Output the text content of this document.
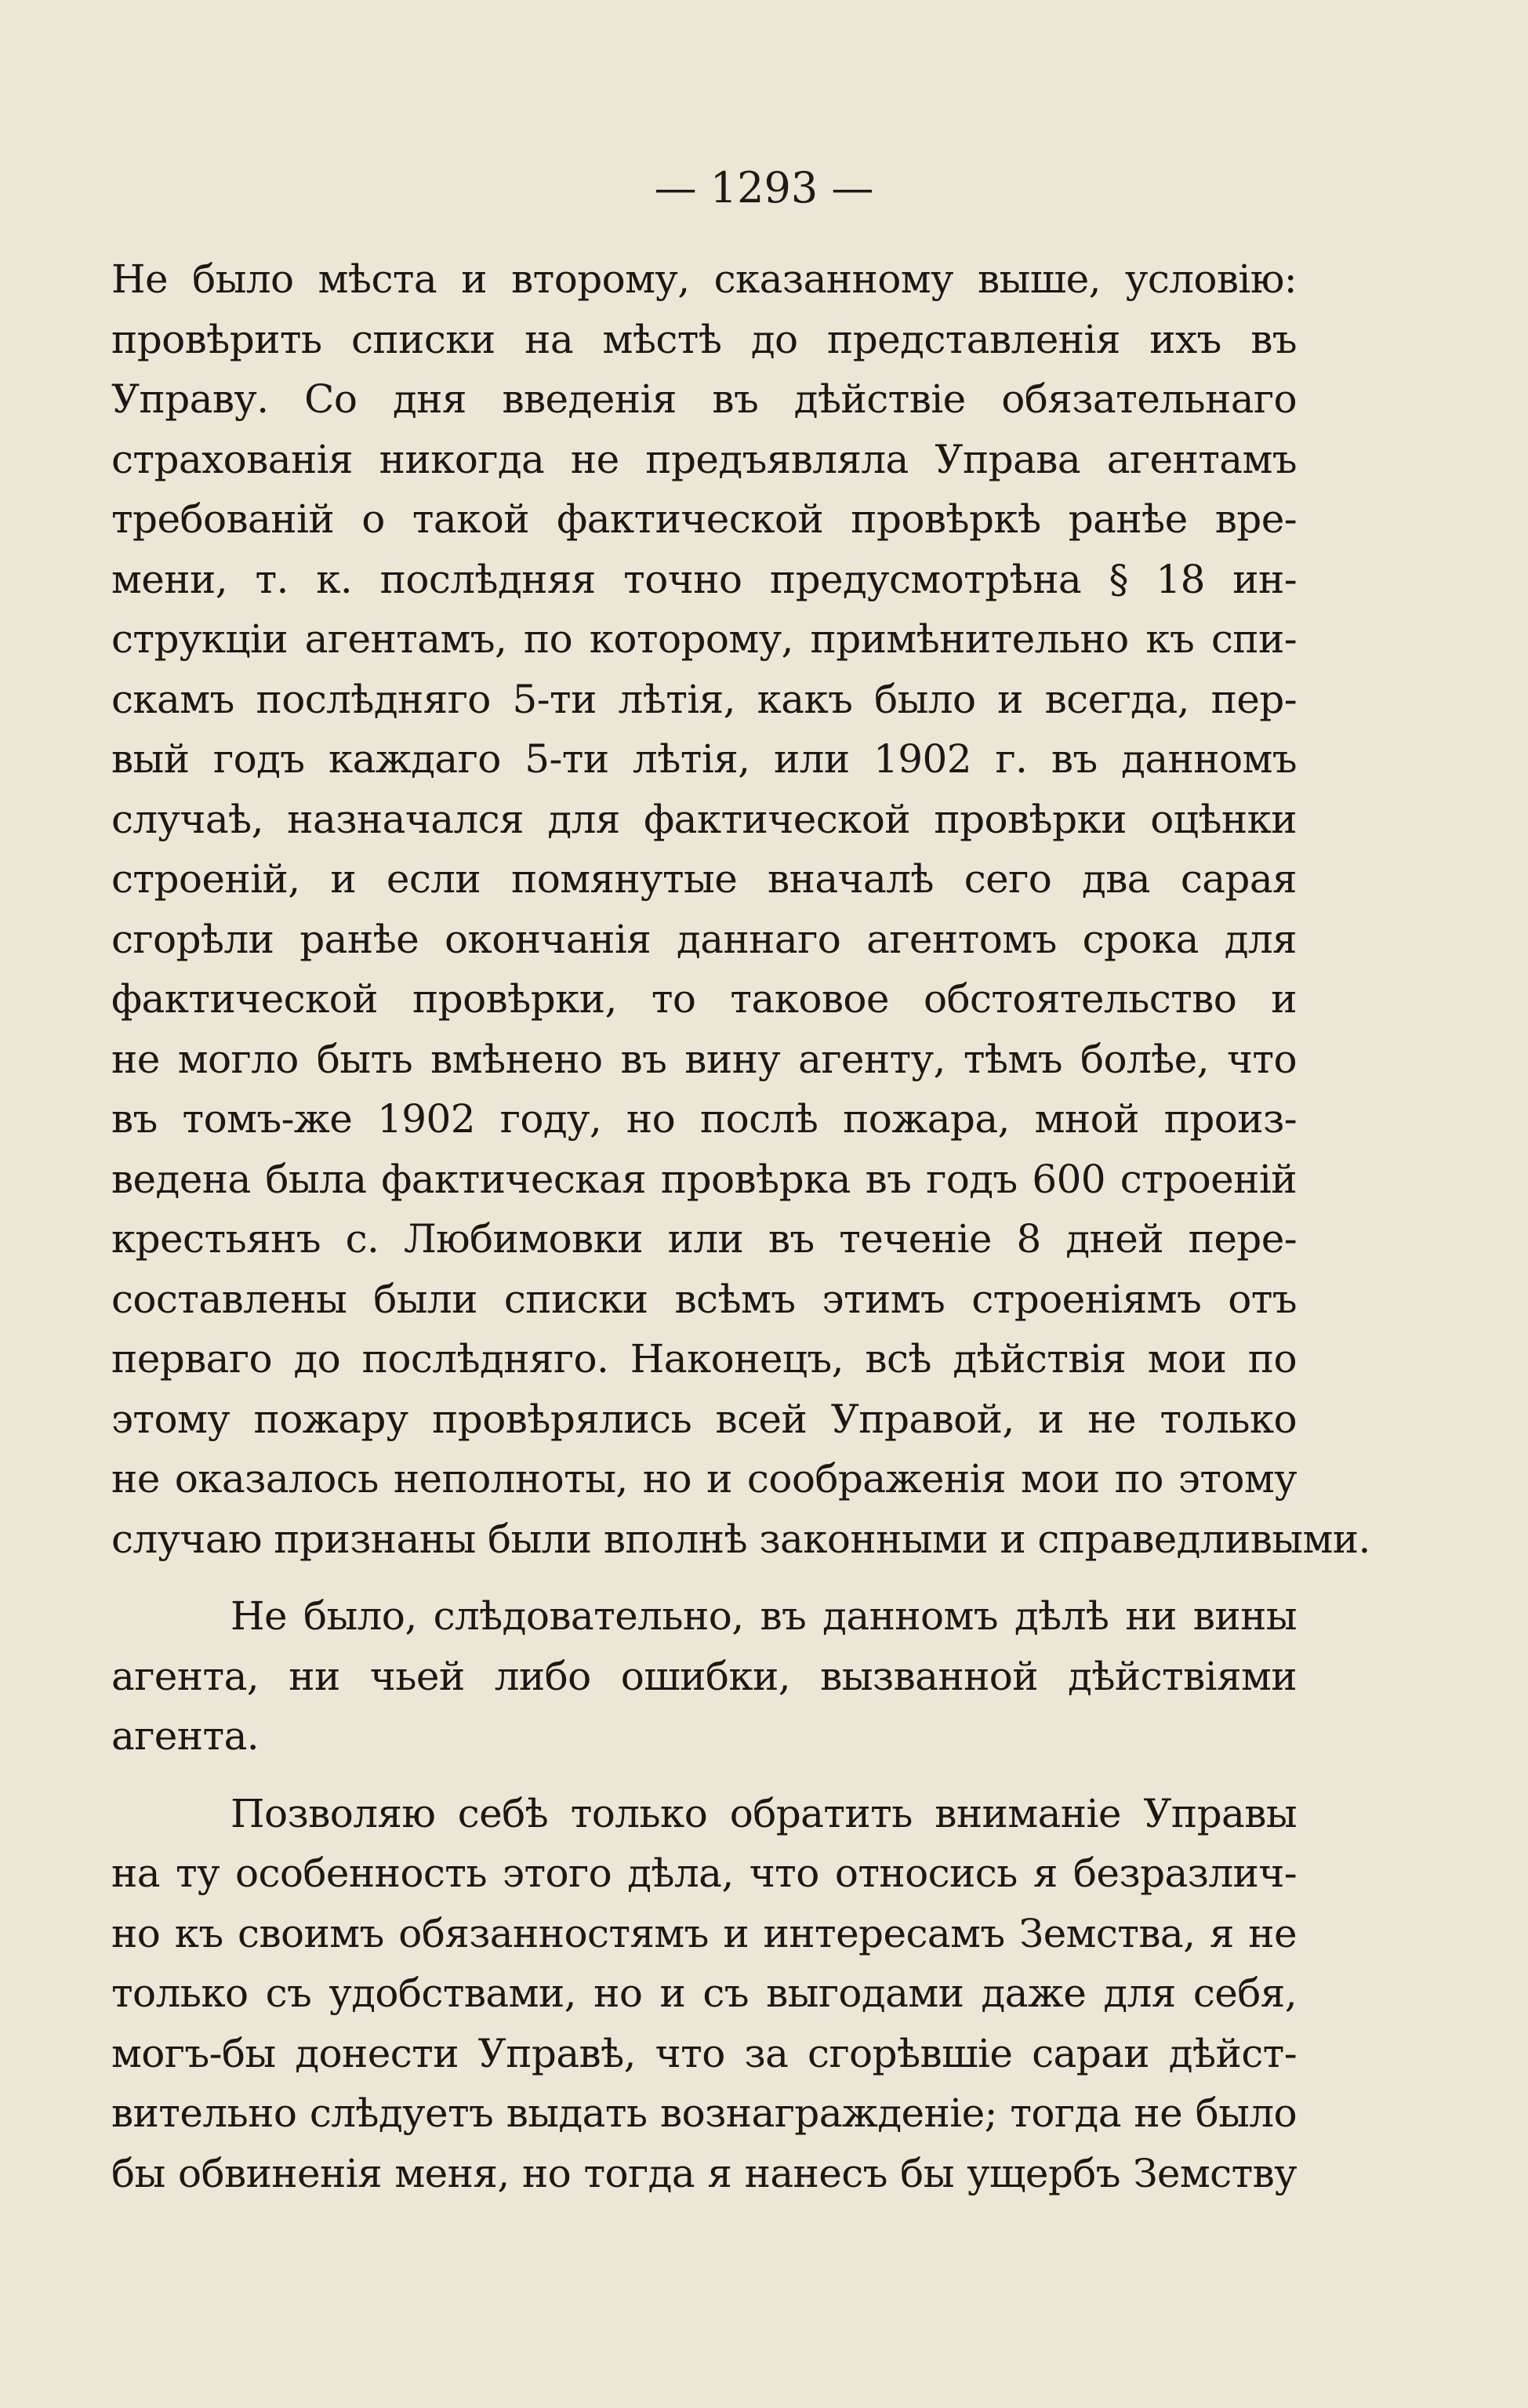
— 1293 —
Не было мѣста и второму, сказанному выше, условію:
провѣрить списки на мѣстѣ до представленія ихъ въ
Управу. Со дня введенія въ дѣйствіе обязательнаго
страхованія никогда не предъявляла Управа агентамъ
требованій о такой фактической провѣркѣ ранѣе вре-
мени, т. к. послѣдняя точно предусмотрѣна § 18 ин-
струкціи агентамъ, по которому, примѣнительно къ спи-
скамъ послѣдняго 5-ти лѣтія, какъ было и всегда, пер-
вый годъ каждаго 5-ти лѣтія, или 1902 г. въ данномъ
случаѣ, назначался для фактической провѣрки оцѣнки
строеній, и если помянутые вначалѣ сего два сарая
сгорѣли ранѣе окончанія даннаго агентомъ срока для
фактической провѣрки, то таковое обстоятельство и
не могло быть вмѣнено въ вину агенту, тѣмъ болѣе, что
въ томъ-же 1902 году, но послѣ пожара, мной произ-
ведена была фактическая провѣрка въ годъ 600 строеній
крестьянъ с. Любимовки или въ теченіе 8 дней пере-
составлены были списки всѣмъ этимъ строеніямъ отъ
перваго до послѣдняго. Наконецъ, всѣ дѣйствія мои по
этому пожару провѣрялись всей Управой, и не только
не оказалось неполноты, но и соображенія мои по этому
случаю признаны были вполнѣ законными и справедливыми.
Не было, слѣдовательно, въ данномъ дѣлѣ ни вины
агента, ни чьей либо ошибки, вызванной дѣйствіями
агента.
Позволяю себѣ только обратить вниманіе Управы
на ту особенность этого дѣла, что относись я безразлич-
но къ своимъ обязанностямъ и интересамъ Земства, я не
только съ удобствами, но и съ выгодами даже для себя,
могъ-бы донести Управѣ, что за сгорѣвшіе сараи дѣйст-
вительно слѣдуетъ выдать вознагражденіе; тогда не было
бы обвиненія меня, но тогда я нанесъ бы ущербъ Земству
